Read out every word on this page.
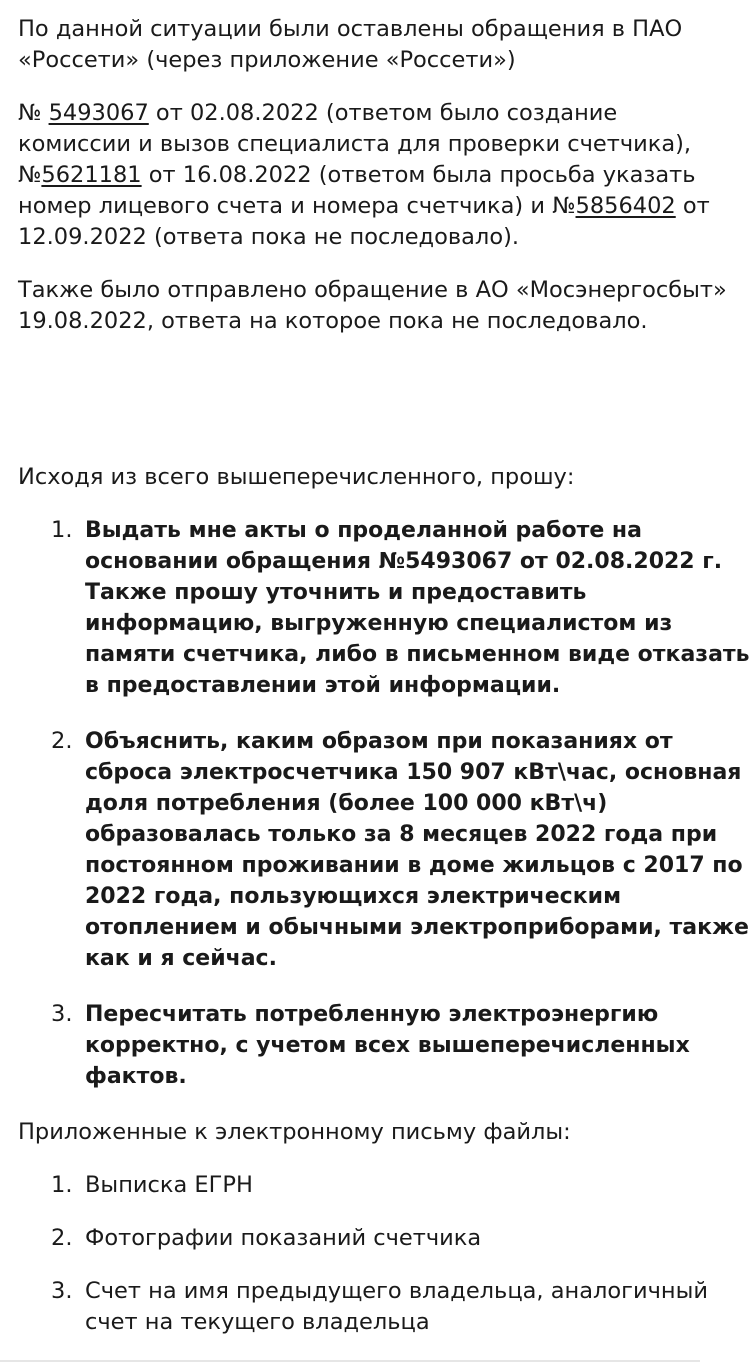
По данной ситуации были оставлены обращения в ПАО
«Россети» (через приложение «Россети»)
№ 5493067 от 02.08.2022 (ответом было создание
комиссии и вызов специалиста для проверки счетчика),
№5621181 от 16.08.2022 (ответом была просьба указать
номер лицевого счета и номера счетчика) и №5856402 от
12.09.2022 (ответа пока не последовало).
Также было отправлено обращение в АО «Мосэнергосбыт»
19.08.2022, ответа на которое пока не последовало.
Исходя из всего вышеперечисленного, прошу:
1. Выдать мне акты о проделанной работе на
основании обращения №5493067 от 02.08.2022 г.
Также прошу уточнить и предоставить
информацию, выгруженную специалистом из
памяти счетчика, либо в письменном виде отказать
в предоставлении этой информации.
2. Объяснить, каким образом при показаниях от
сброса электросчетчика 150 907 кВт\час, основная
доля потребления (более 100 000 кВт\ч)
образовалась только за 8 месяцев 2022 года при
постоянном проживании в доме жильцов с 2017 по
2022 года, пользующихся электрическим
отоплением и обычными электроприборами, также
как и я сейчас.
3. Пересчитать потребленную электроэнергию
корректно, с учетом всех вышеперечисленных
фактов.
Приложенные к электронному письму файлы:
1. Выписка ЕГРН
2. Фотографии показаний счетчика
3. Счет на имя предыдущего владельца, аналогичный
счет на текущего владельца
